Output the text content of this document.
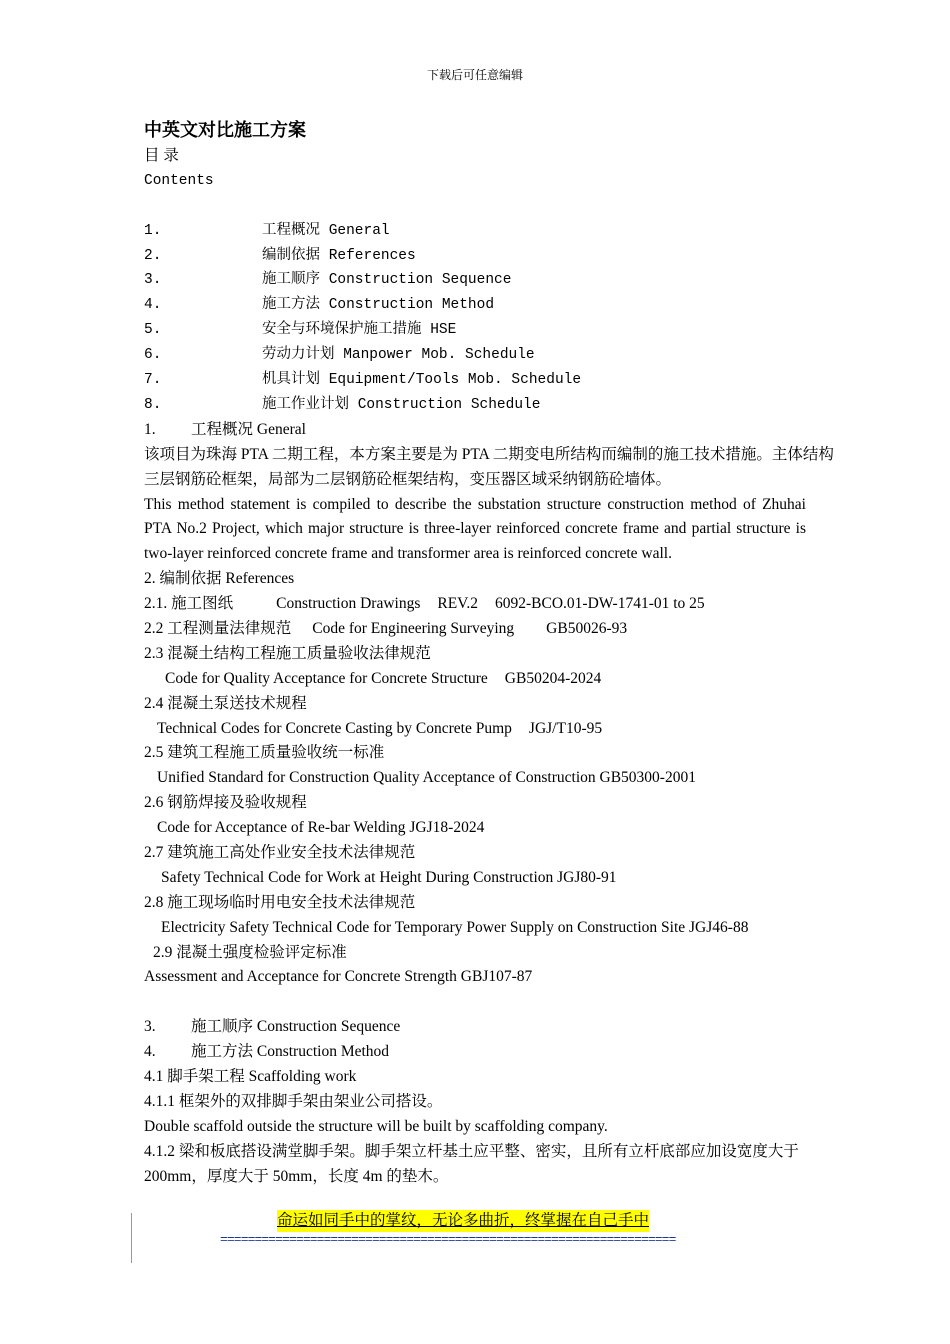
下载后可任意编辑
中英文对比施工方案
目 录
Contents
1.	工程概况 General
2.	编制依据 References
3.	施工顺序 Construction Sequence
4.	施工方法 Construction Method
5.	安全与环境保护施工措施 HSE
6.	劳动力计划 Manpower Mob. Schedule
7.	机具计划 Equipment/Tools Mob. Schedule
8.	施工作业计划 Construction Schedule
1. 工程概况 General
该项目为珠海 PTA 二期工程，本方案主要是为 PTA 二期变电所结构而编制的施工技术措施。主体结构三层钢筋砼框架，局部为二层钢筋砼框架结构，变压器区域采纳钢筋砼墙体。
This method statement is compiled to describe the substation structure construction method of Zhuhai PTA No.2 Project, which major structure is three-layer reinforced concrete frame and partial structure is two-layer reinforced concrete frame and transformer area is reinforced concrete wall.
2. 编制依据 References
2.1. 施工图纸	Construction Drawings REV.2 6092-BCO.01-DW-1741-01 to 25
2.2 工程测量法律规范 Code for Engineering Surveying GB50026-93
2.3 混凝土结构工程施工质量验收法律规范
Code for Quality Acceptance for Concrete Structure GB50204-2024
2.4 混凝土泵送技术规程
Technical Codes for Concrete Casting by Concrete Pump JGJ/T10-95
2.5 建筑工程施工质量验收统一标准
Unified Standard for Construction Quality Acceptance of Construction GB50300-2001
2.6 钢筋焊接及验收规程
Code for Acceptance of Re-bar Welding JGJ18-2024
2.7 建筑施工高处作业安全技术法律规范
Safety Technical Code for Work at Height During Construction JGJ80-91
2.8 施工现场临时用电安全技术法律规范
Electricity Safety Technical Code for Temporary Power Supply on Construction Site JGJ46-88
2.9 混凝土强度检验评定标准
Assessment and Acceptance for Concrete Strength GBJ107-87
3. 施工顺序 Construction Sequence
4. 施工方法 Construction Method
4.1 脚手架工程 Scaffolding work
4.1.1 框架外的双排脚手架由架业公司搭设。
Double scaffold outside the structure will be built by scaffolding company.
4.1.2 梁和板底搭设满堂脚手架。脚手架立杆基土应平整、密实，且所有立杆底部应加设宽度大于 200mm，厚度大于 50mm，长度 4m 的垫木。
命运如同手中的掌纹，无论多曲折，终掌握在自己手中
==================================================================
